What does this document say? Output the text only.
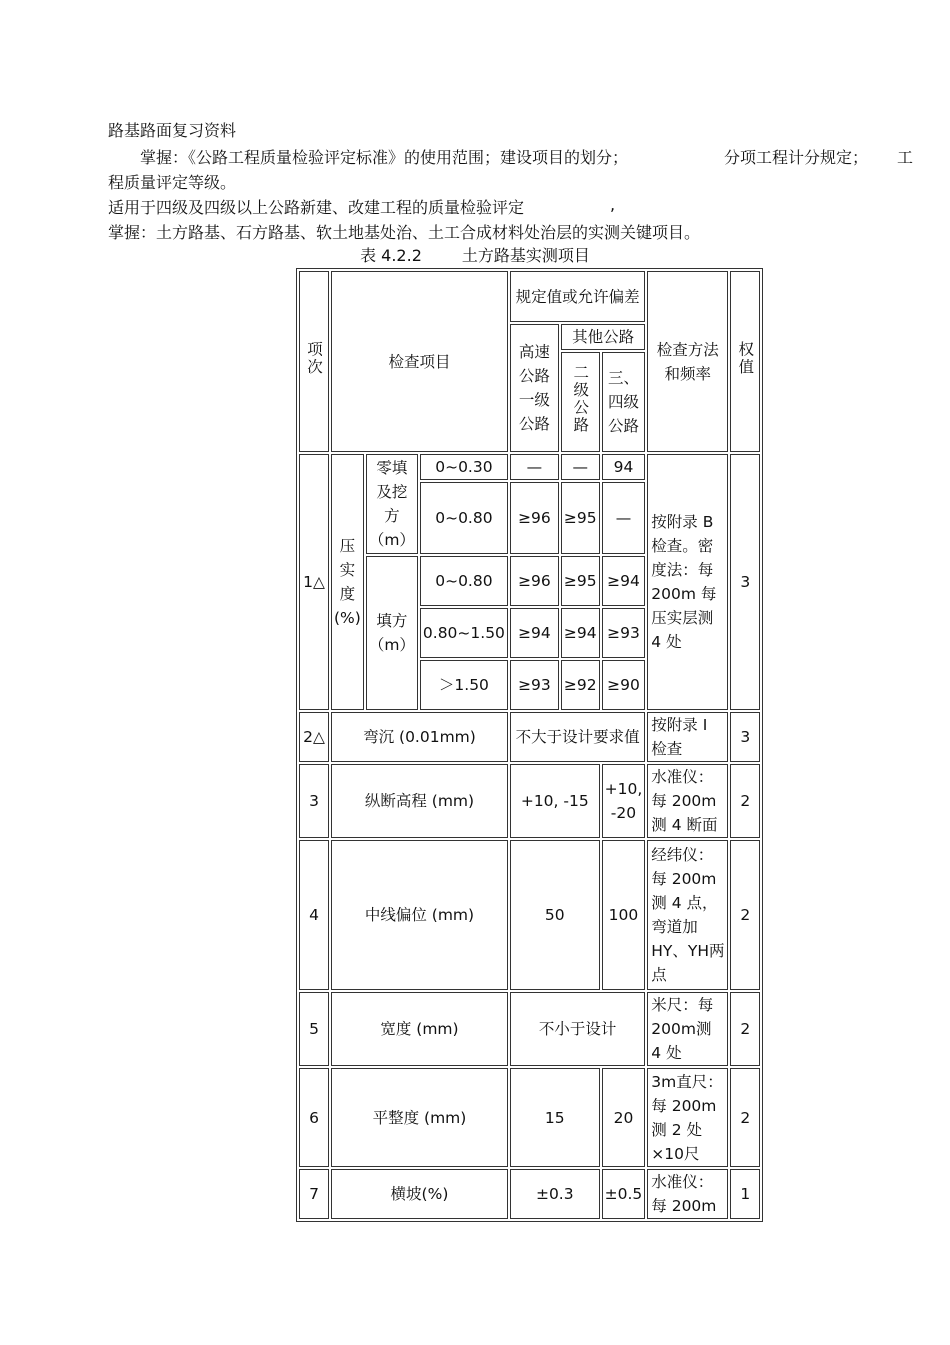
路基路面复习资料
掌握：《公路工程质量检验评定标准》的使用范围；建设项目的划分；	分项工程计分规定； 工
程质量评定等级。
适用于四级及四级以上公路新建、改建工程的质量检验评定	,
掌握：土方路基、石方路基、软土地基处治、土工合成材料处治层的实测关键项目。
表 4.2.2	土方路基实测项目
项次	检查项目			规定值或允许偏差			检查方法和频率	权值
				高速公路一级公路	其他公路			
					二级公路	三、四级公路		
1△	压实度(%)	零填及挖方（m）	0~0.30	—	—	94	按附录 B 检查。密度法：每 200m 每压实层测 4 处	3
			0~0.80	≥96	≥95	—		
		填方（m）	0~0.80	≥96	≥95	≥94		
			0.80~1.50	≥94	≥94	≥93		
			＞1.50	≥93	≥92	≥90		
2△	弯沉 (0.01mm)			不大于设计要求值			按附录 I 检查	3
3	纵断高程 (mm)			+10, -15		+10, -20	水准仪：每 200m 测 4 断面	2
4	中线偏位 (mm)			50		100	经纬仪：每 200m 测 4 点，弯道加 HY、YH两点	2
5	宽度 (mm)			不小于设计			米尺：每 200m测 4 处	2
6	平整度 (mm)			15		20	3m直尺：每 200m 测 2 处 ×10尺	2
7	横坡(%)			±0.3		±0.5	水准仪：每 200m	1
